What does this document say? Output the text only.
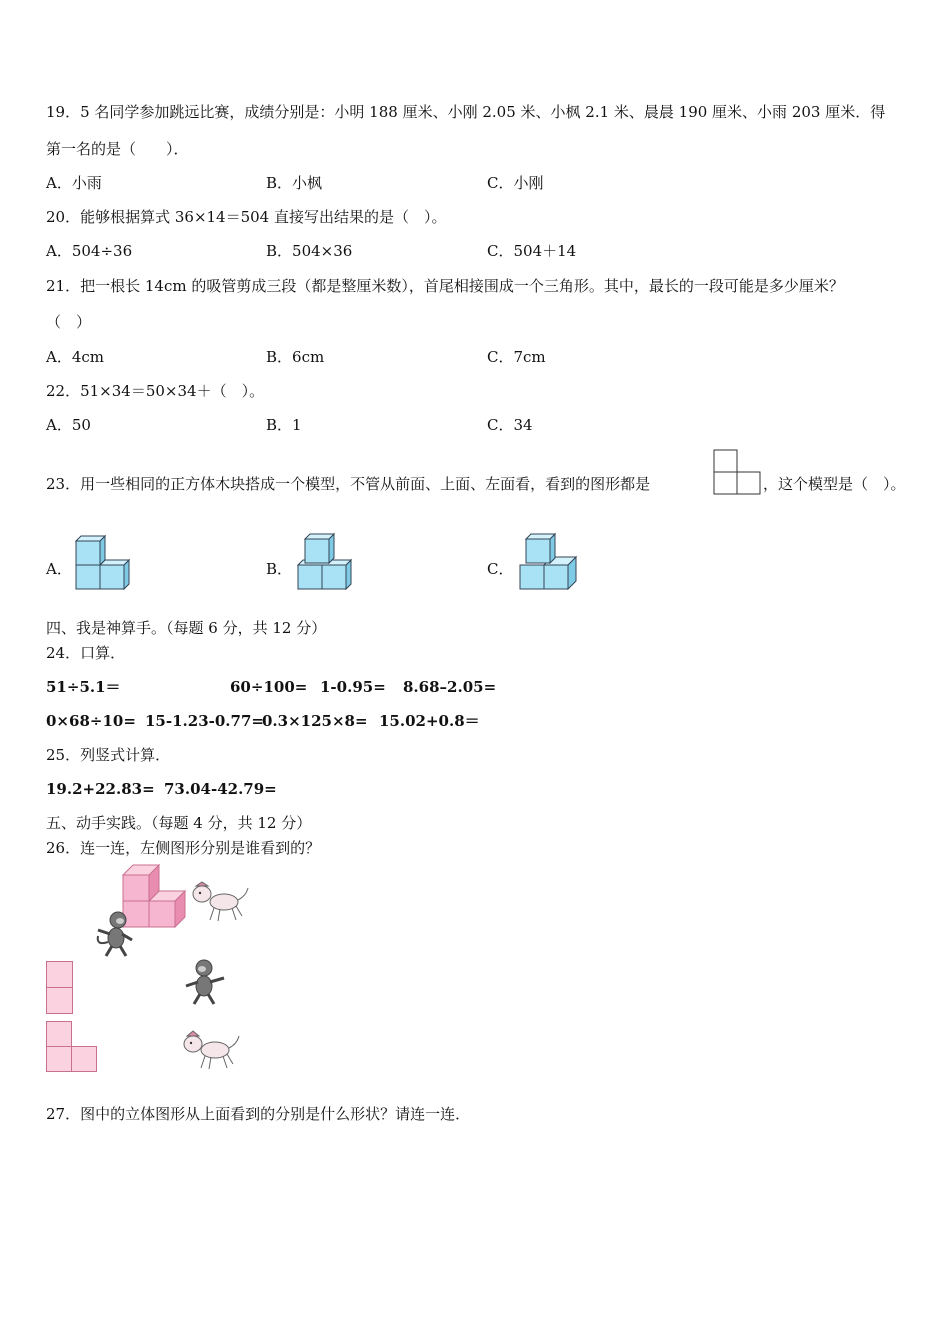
19．5 名同学参加跳远比赛，成绩分别是：小明 188 厘米、小刚 2.05 米、小枫 2.1 米、晨晨 190 厘米、小雨 203 厘米．得
第一名的是（　　）．
A．小雨	B．小枫	C．小刚
20．能够根据算式 36×14＝504 直接写出结果的是（　）。
A．504÷36	B．504×36	C．504＋14
21．把一根长 14cm 的吸管剪成三段（都是整厘米数），首尾相接围成一个三角形。其中，最长的一段可能是多少厘米？
（　）
A．4cm	B．6cm	C．7cm
22．51×34＝50×34＋（　）。
A．50	B．1	C．34
23．用一些相同的正方体木块搭成一个模型，不管从前面、上面、左面看，看到的图形都是	，这个模型是（　）。
A．	B．	C．
四、我是神算手。（每题 6 分，共 12 分）
24．口算．
51÷5.1＝	60÷100= 1-0.95= 8.68–2.05=
0×68÷10= 15-1.23-0.77=
0.3×125×8= 15.02+0.8＝
25．列竖式计算．
19.2+22.83= 73.04-42.79=
五、动手实践。（每题 4 分，共 12 分）
26．连一连，左侧图形分别是谁看到的？
27．图中的立体图形从上面看到的分别是什么形状？请连一连．
